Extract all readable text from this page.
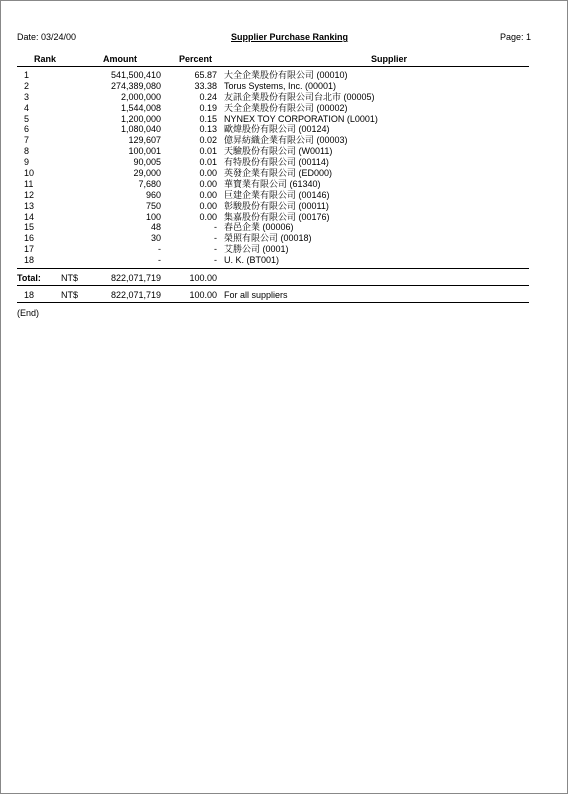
Date: 03/24/00	Supplier Purchase Ranking	Page: 1
Rank	Amount	Percent	Supplier
1	541,500,410	65.87 大全企業股份有限公司 (00010)
2	274,389,080	33.38 Torus Systems, Inc. (00001)
3	2,000,000	0.24 友訊企業股份有限公司台北市 (00005)
4	1,544,008	0.19 天全企業股份有限公司 (00002)
5	1,200,000	0.15 NYNEX TOY CORPORATION (L0001)
6	1,080,040	0.13 歐煒股份有限公司 (00124)
7	129,607	0.02 億昇紡織企業有限公司 (00003)
8	100,001	0.01 天驗股份有限公司 (W0011)
9	90,005	0.01 有特股份有限公司 (00114)
10	29,000	0.00 英發企業有限公司 (ED000)
11	7,680	0.00 華寶業有限公司 (61340)
12	960	0.00 巨建企業有限公司 (00146)
13	750	0.00 彰駿股份有限公司 (00011)
14	100	0.00 集嘉股份有限公司 (00176)
15	48	- 春邑企業 (00006)
16	30	- 榮照有限公司 (00018)
17	-	- 艾勝公司 (0001)
18	-	- U. K. (BT001)
Total: NT$	822,071,719	100.00
18	NT$	822,071,719	100.00 For all suppliers
(End)
